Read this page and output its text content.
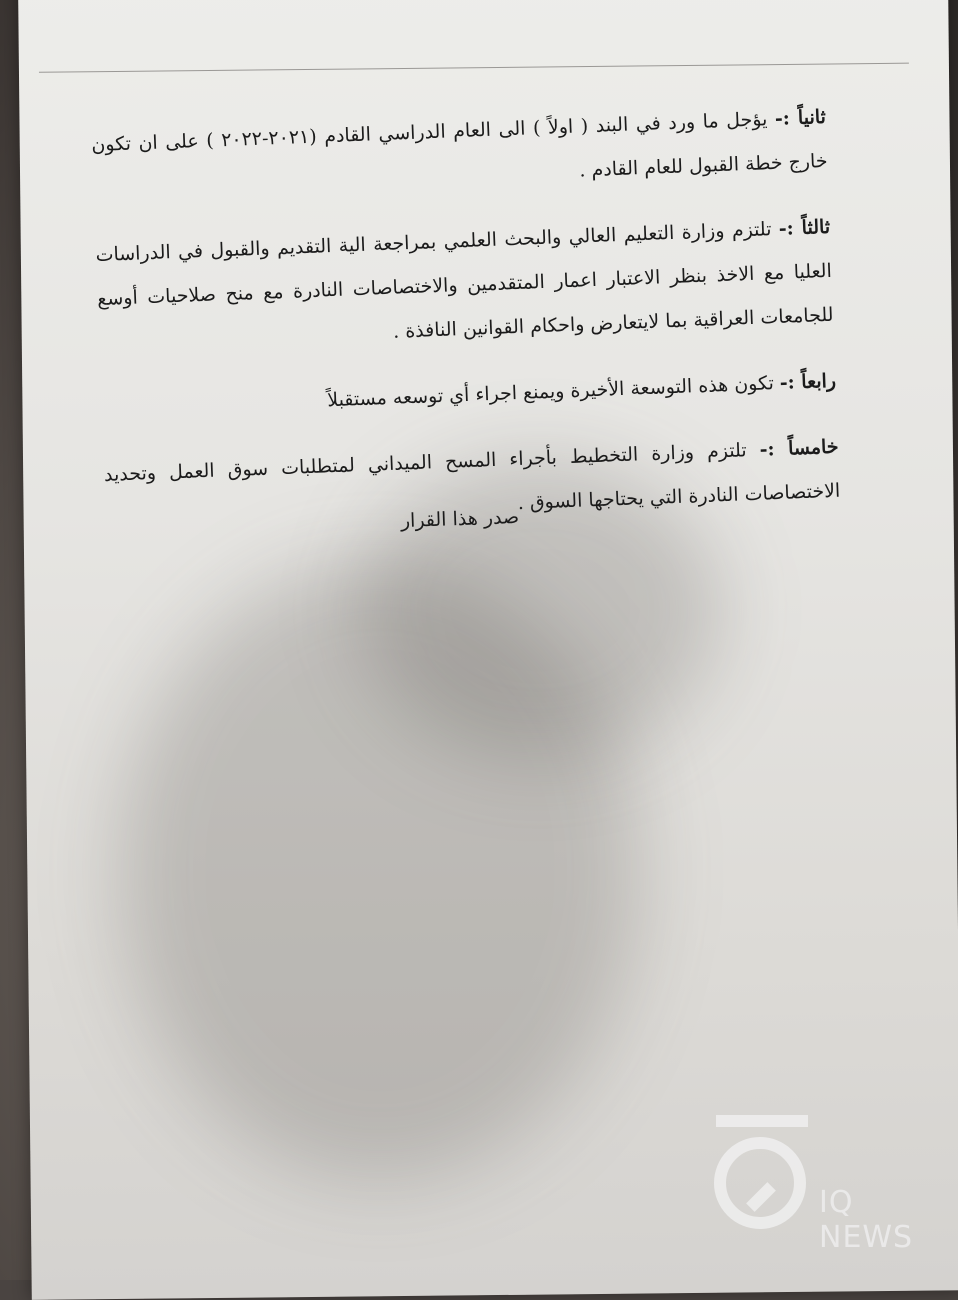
ثانياً :- يؤجل ما ورد في البند ( اولاً ) الى العام الدراسي القادم (٢٠٢١-٢٠٢٢ ) على ان تكون خارج خطة القبول للعام القادم .

ثالثاً :- تلتزم وزارة التعليم العالي والبحث العلمي بمراجعة الية التقديم والقبول في الدراسات العليا مع الاخذ بنظر الاعتبار اعمار المتقدمين والاختصاصات النادرة مع منح صلاحيات أوسع للجامعات العراقية بما لايتعارض واحكام القوانين النافذة .

رابعاً :- تكون هذه التوسعة الأخيرة ويمنع اجراء أي توسعه مستقبلاً

خامساً :- تلتزم وزارة التخطيط بأجراء المسح الميداني لمتطلبات سوق العمل وتحديد الاختصاصات النادرة التي يحتاجها السوق .

صدر هذا القرار
IQ NEWS
